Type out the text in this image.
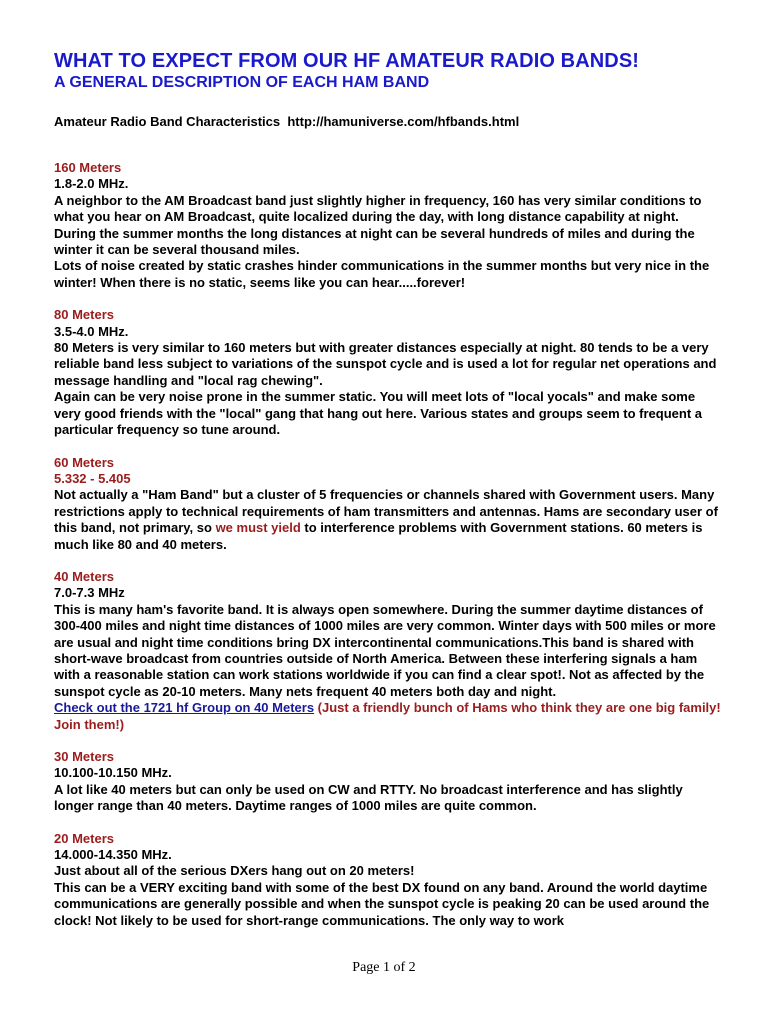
WHAT TO EXPECT FROM OUR HF AMATEUR RADIO BANDS!
A GENERAL DESCRIPTION OF EACH HAM BAND

Amateur Radio Band Characteristics  http://hamuniverse.com/hfbands.html

160 Meters
1.8-2.0 MHz.

A neighbor to the AM Broadcast band just slightly higher in frequency, 160 has very similar conditions to what you hear on AM Broadcast, quite localized during the day, with long distance capability at night. During the summer months the long distances at night can be several hundreds of miles and during the winter it can be several thousand miles.

Lots of noise created by static crashes hinder communications in the summer months but very nice in the winter! When there is no static, seems like you can hear.....forever!

80 Meters
3.5-4.0 MHz.

80 Meters is very similar to 160 meters but with greater distances especially at night. 80 tends to be a very reliable band less subject to variations of the sunspot cycle and is used a lot for regular net operations and message handling and "local rag chewing".

Again can be very noise prone in the summer static. You will meet lots of "local yocals" and make some very good friends with the "local" gang that hang out here. Various states and groups seem to frequent a particular frequency so tune around.

60 Meters
5.332 - 5.405

Not actually a "Ham Band" but a cluster of 5 frequencies or channels shared with Government users. Many restrictions apply to technical requirements of ham transmitters and antennas. Hams are secondary user of this band, not primary, so we must yield to interference problems with Government stations. 60 meters is much like 80 and 40 meters.

40 Meters
7.0-7.3 MHz

This is many ham's favorite band. It is always open somewhere. During the summer daytime distances of 300-400 miles and night time distances of 1000 miles are very common. Winter days with 500 miles or more are usual and night time conditions bring DX intercontinental communications.This band is shared with short-wave broadcast from countries outside of North America. Between these interfering signals a ham with a reasonable station can work stations worldwide if you can find a clear spot!. Not as affected by the sunspot cycle as 20-10 meters. Many nets frequent 40 meters both day and night.

Check out the 1721 hf Group on 40 Meters (Just a friendly bunch of Hams who think they are one big family! Join them!)

30 Meters
10.100-10.150 MHz.

A lot like 40 meters but can only be used on CW and RTTY. No broadcast interference and has slightly longer range than 40 meters. Daytime ranges of 1000 miles are quite common.

20 Meters
14.000-14.350 MHz.

Just about all of the serious DXers hang out on 20 meters!

This can be a VERY exciting band with some of the best DX found on any band. Around the world daytime communications are generally possible and when the sunspot cycle is peaking 20 can be used around the clock! Not likely to be used for short-range communications. The only way to work

Page 1 of 2
